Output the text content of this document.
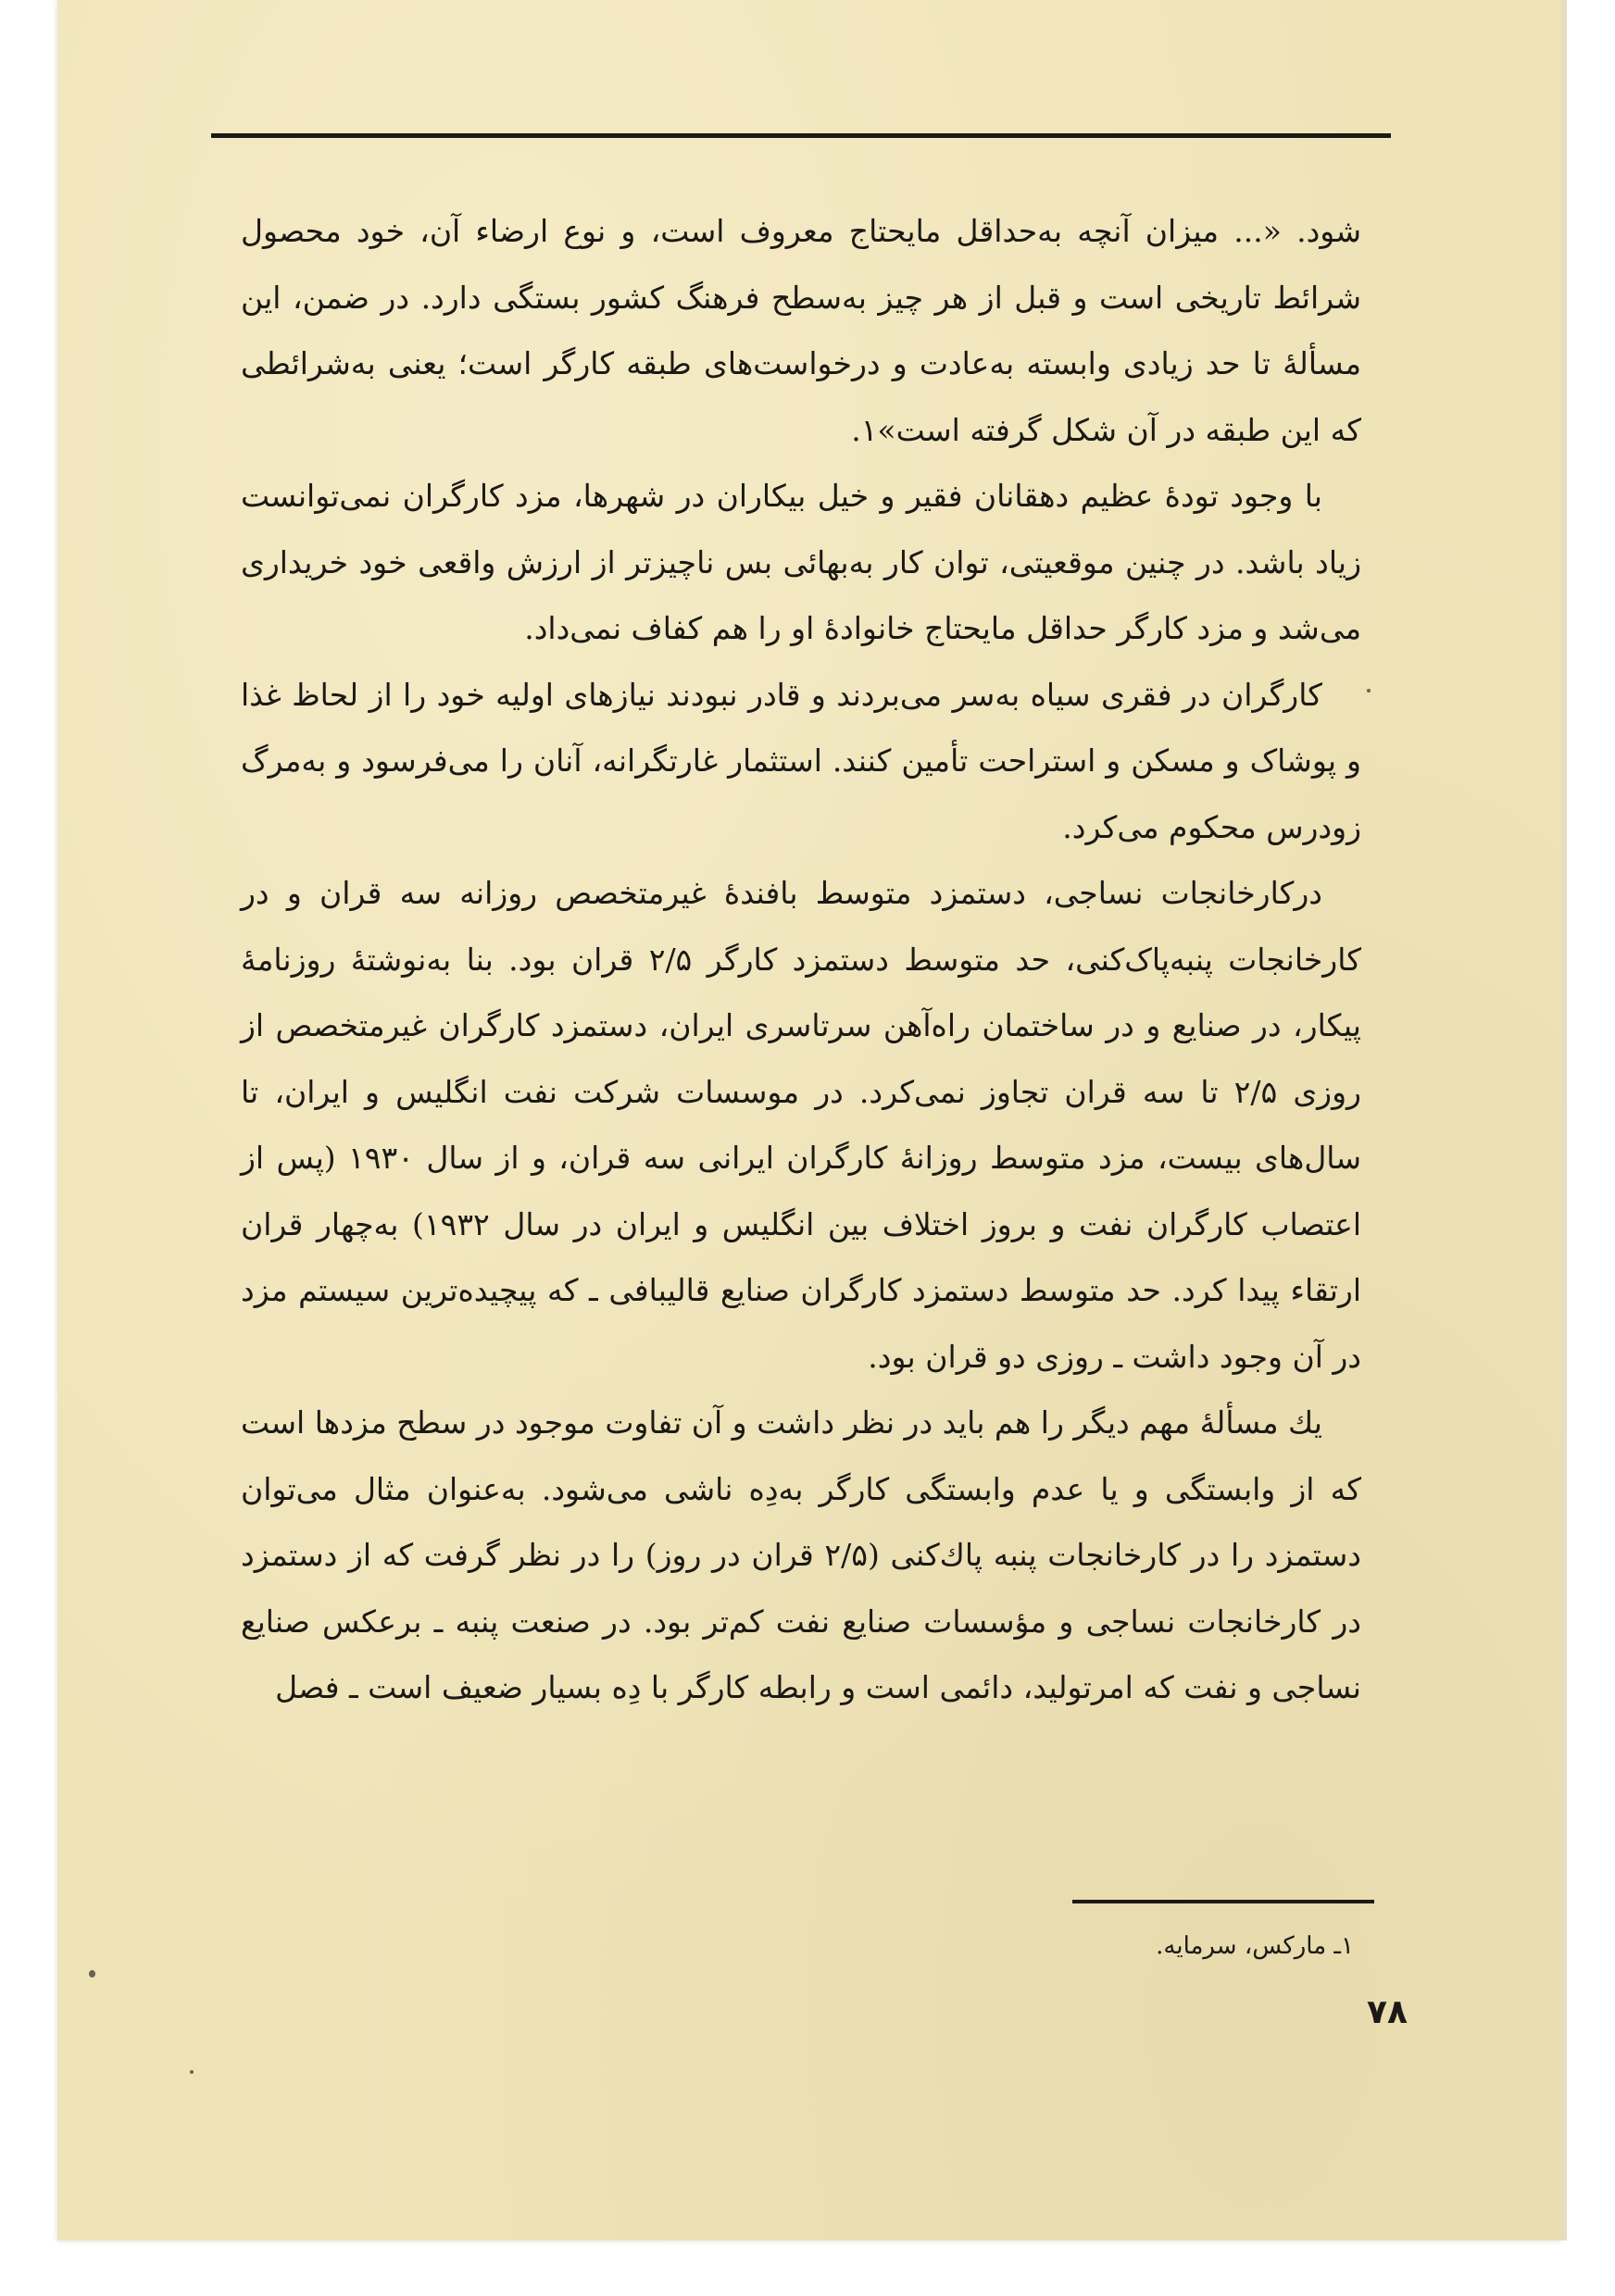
شود. «... میزان آنچه به‌حداقل مایحتاج معروف است، و نوع ارضاء آن، خود محصول شرائط تاریخی است و قبل از هر چیز به‌سطح فرهنگ کشور بستگی دارد. در ضمن، این مسألهٔ تا حد زیادی وابسته به‌عادت و درخواست‌های طبقه کارگر است؛ یعنی به‌شرائطی که این طبقه در آن شکل گرفته است»۱.

با وجود تودهٔ عظیم دهقانان فقیر و خیل بیکاران در شهرها، مزد کارگران نمی‌توانست زیاد باشد. در چنین موقعیتی، توان کار به‌بهائی بس ناچیزتر از ارزش واقعی خود خریداری می‌شد و مزد کارگر حداقل مایحتاج خانوادهٔ او را هم کفاف نمی‌داد.

کارگران در فقری سیاه به‌سر می‌بردند و قادر نبودند نیازهای اولیه خود را از لحاظ غذا و پوشاک و مسکن و استراحت تأمین کنند. استثمار غارتگرانه، آنان را می‌فرسود و به‌مرگ زودرس محکوم می‌کرد.

درکارخانجات نساجی، دستمزد متوسط بافندهٔ غیرمتخصص روزانه سه قران و در کارخانجات پنبه‌پاک‌کنی، حد متوسط دستمزد کارگر ۲/۵ قران بود. بنا به‌نوشتهٔ روزنامهٔ پیکار، در صنایع و در ساختمان راه‌آهن سرتاسری ایران، دستمزد کارگران غیرمتخصص از روزی ۲/۵ تا سه قران تجاوز نمی‌کرد. در موسسات شرکت نفت انگلیس و ایران، تا سال‌های بیست، مزد متوسط روزانهٔ کارگران ایرانی سه قران، و از سال ۱۹۳۰ (پس از اعتصاب کارگران نفت و بروز اختلاف بین انگلیس و ایران در سال ۱۹۳۲) به‌چهار قران ارتقاء پیدا کرد. حد متوسط دستمزد کارگران صنایع قالیبافی ـ که پیچیده‌ترین سیستم مزد در آن وجود داشت ـ روزی دو قران بود.

یك مسألهٔ مهم دیگر را هم باید در نظر داشت و آن تفاوت موجود در سطح مزدها است که از وابستگی و یا عدم وابستگی کارگر به‌دِه ناشی می‌شود. به‌عنوان مثال می‌توان دستمزد را در کارخانجات پنبه پاك‌کنی (۲/۵ قران در روز) را در نظر گرفت که از دستمزد در کارخانجات نساجی و مؤسسات صنایع نفت کم‌تر بود. در صنعت پنبه ـ برعکس صنایع نساجی و نفت که امرتولید، دائمی است و رابطه کارگر با دِه بسیار ضعیف است ـ فصل

۱ـ مارکس، سرمایه.
۷۸
